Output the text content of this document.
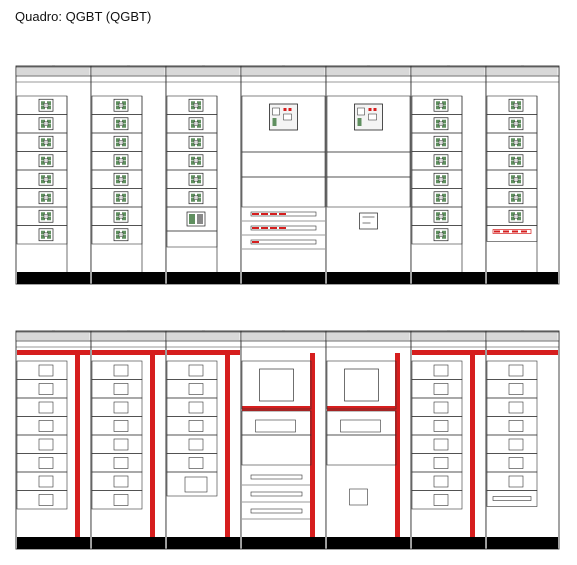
Quadro: QGBT (QGBT)
···	···	···	···	···	···	···
···	···	···	···	···	···	···
